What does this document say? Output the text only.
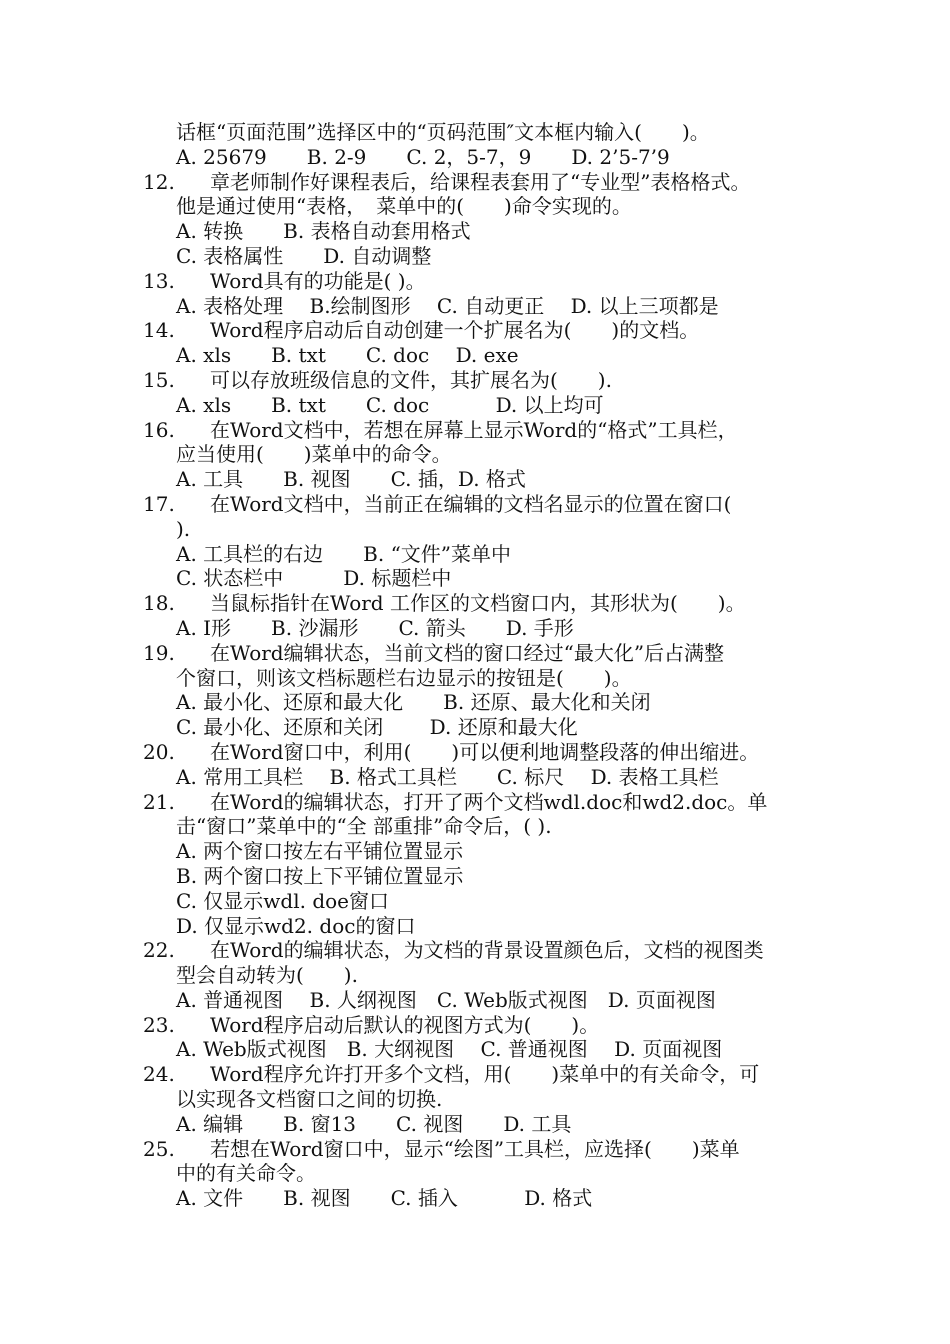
话框“页面范围”选择区中的“页码范围″文本框内输入(　　)。
A. 25679　　B. 2-9　　C. 2，5-7，9　　D. 2’5-7’9
12. 章老师制作好课程表后，给课程表套用了“专业型”表格格式。
他是通过使用“表格，　菜单中的(　　)命令实现的。
A. 转换　　B. 表格自动套用格式
C. 表格属性　　D. 自动调整
13. Word具有的功能是( )。
A. 表格处理　 B.绘制图形　 C. 自动更正　 D. 以上三项都是
14. Word程序启动后自动创建一个扩展名为(　　)的文档。
A. xls　　B. txt　　C. doc　 D. exe
15. 可以存放班级信息的文件，其扩展名为(　　).
A. xls　　B. txt　　C. doc　　　 D. 以上均可
16. 在Word文档中，若想在屏幕上显示Word的“格式”工具栏，
应当使用(　　)菜单中的命令。
A. 工具　　B. 视图　　C. 插，D. 格式
17. 在Word文档中，当前正在编辑的文档名显示的位置在窗口(
).
A. 工具栏的右边　　B. “文件”菜单中
C. 状态栏中　　　D. 标题栏中
18. 当鼠标指针在Word 工作区的文档窗口内，其形状为(　　)。
A. I形　　B. 沙漏形　　C. 箭头　　D. 手形
19. 在Word编辑状态，当前文档的窗口经过“最大化”后占满整
个窗口，则该文档标题栏右边显示的按钮是(　　)。
A. 最小化、还原和最大化　　B. 还原、最大化和关闭
C. 最小化、还原和关闭　　 D. 还原和最大化
20. 在Word窗口中，利用(　　)可以便利地调整段落的伸出缩进。
A. 常用工具栏　 B. 格式工具栏　　C. 标尺　 D. 表格工具栏
21. 在Word的编辑状态，打开了两个文档wdl.doc和wd2.doc。单
击“窗口”菜单中的“全 部重排”命令后，( ).
A. 两个窗口按左右平铺位置显示
B. 两个窗口按上下平铺位置显示
C. 仅显示wdl. doe窗口
D. 仅显示wd2. doc的窗口
22. 在Word的编辑状态，为文档的背景设置颜色后，文档的视图类
型会自动转为(　　).
A. 普通视图　 B. 人纲视图　C. Web版式视图　D. 页面视图
23. Word程序启动后默认的视图方式为(　　)。
A. Web版式视图　B. 大纲视图　 C. 普通视图　 D. 页面视图
24. Word程序允许打开多个文档，用(　　)菜单中的有关命令，可
以实现各文档窗口之间的切换.
A. 编辑　　B. 窗13　　C. 视图　　D. 工具
25. 若想在Word窗口中，显示“绘图”工具栏，应选择(　　)菜单
中的有关命令。
A. 文件　　B. 视图　　C. 插入　　　 D. 格式
